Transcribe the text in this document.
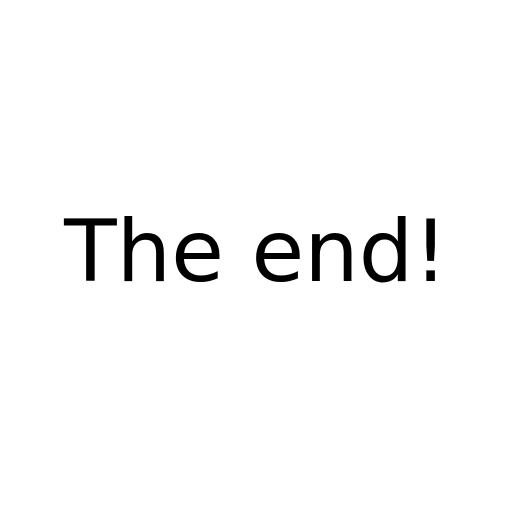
The end!
